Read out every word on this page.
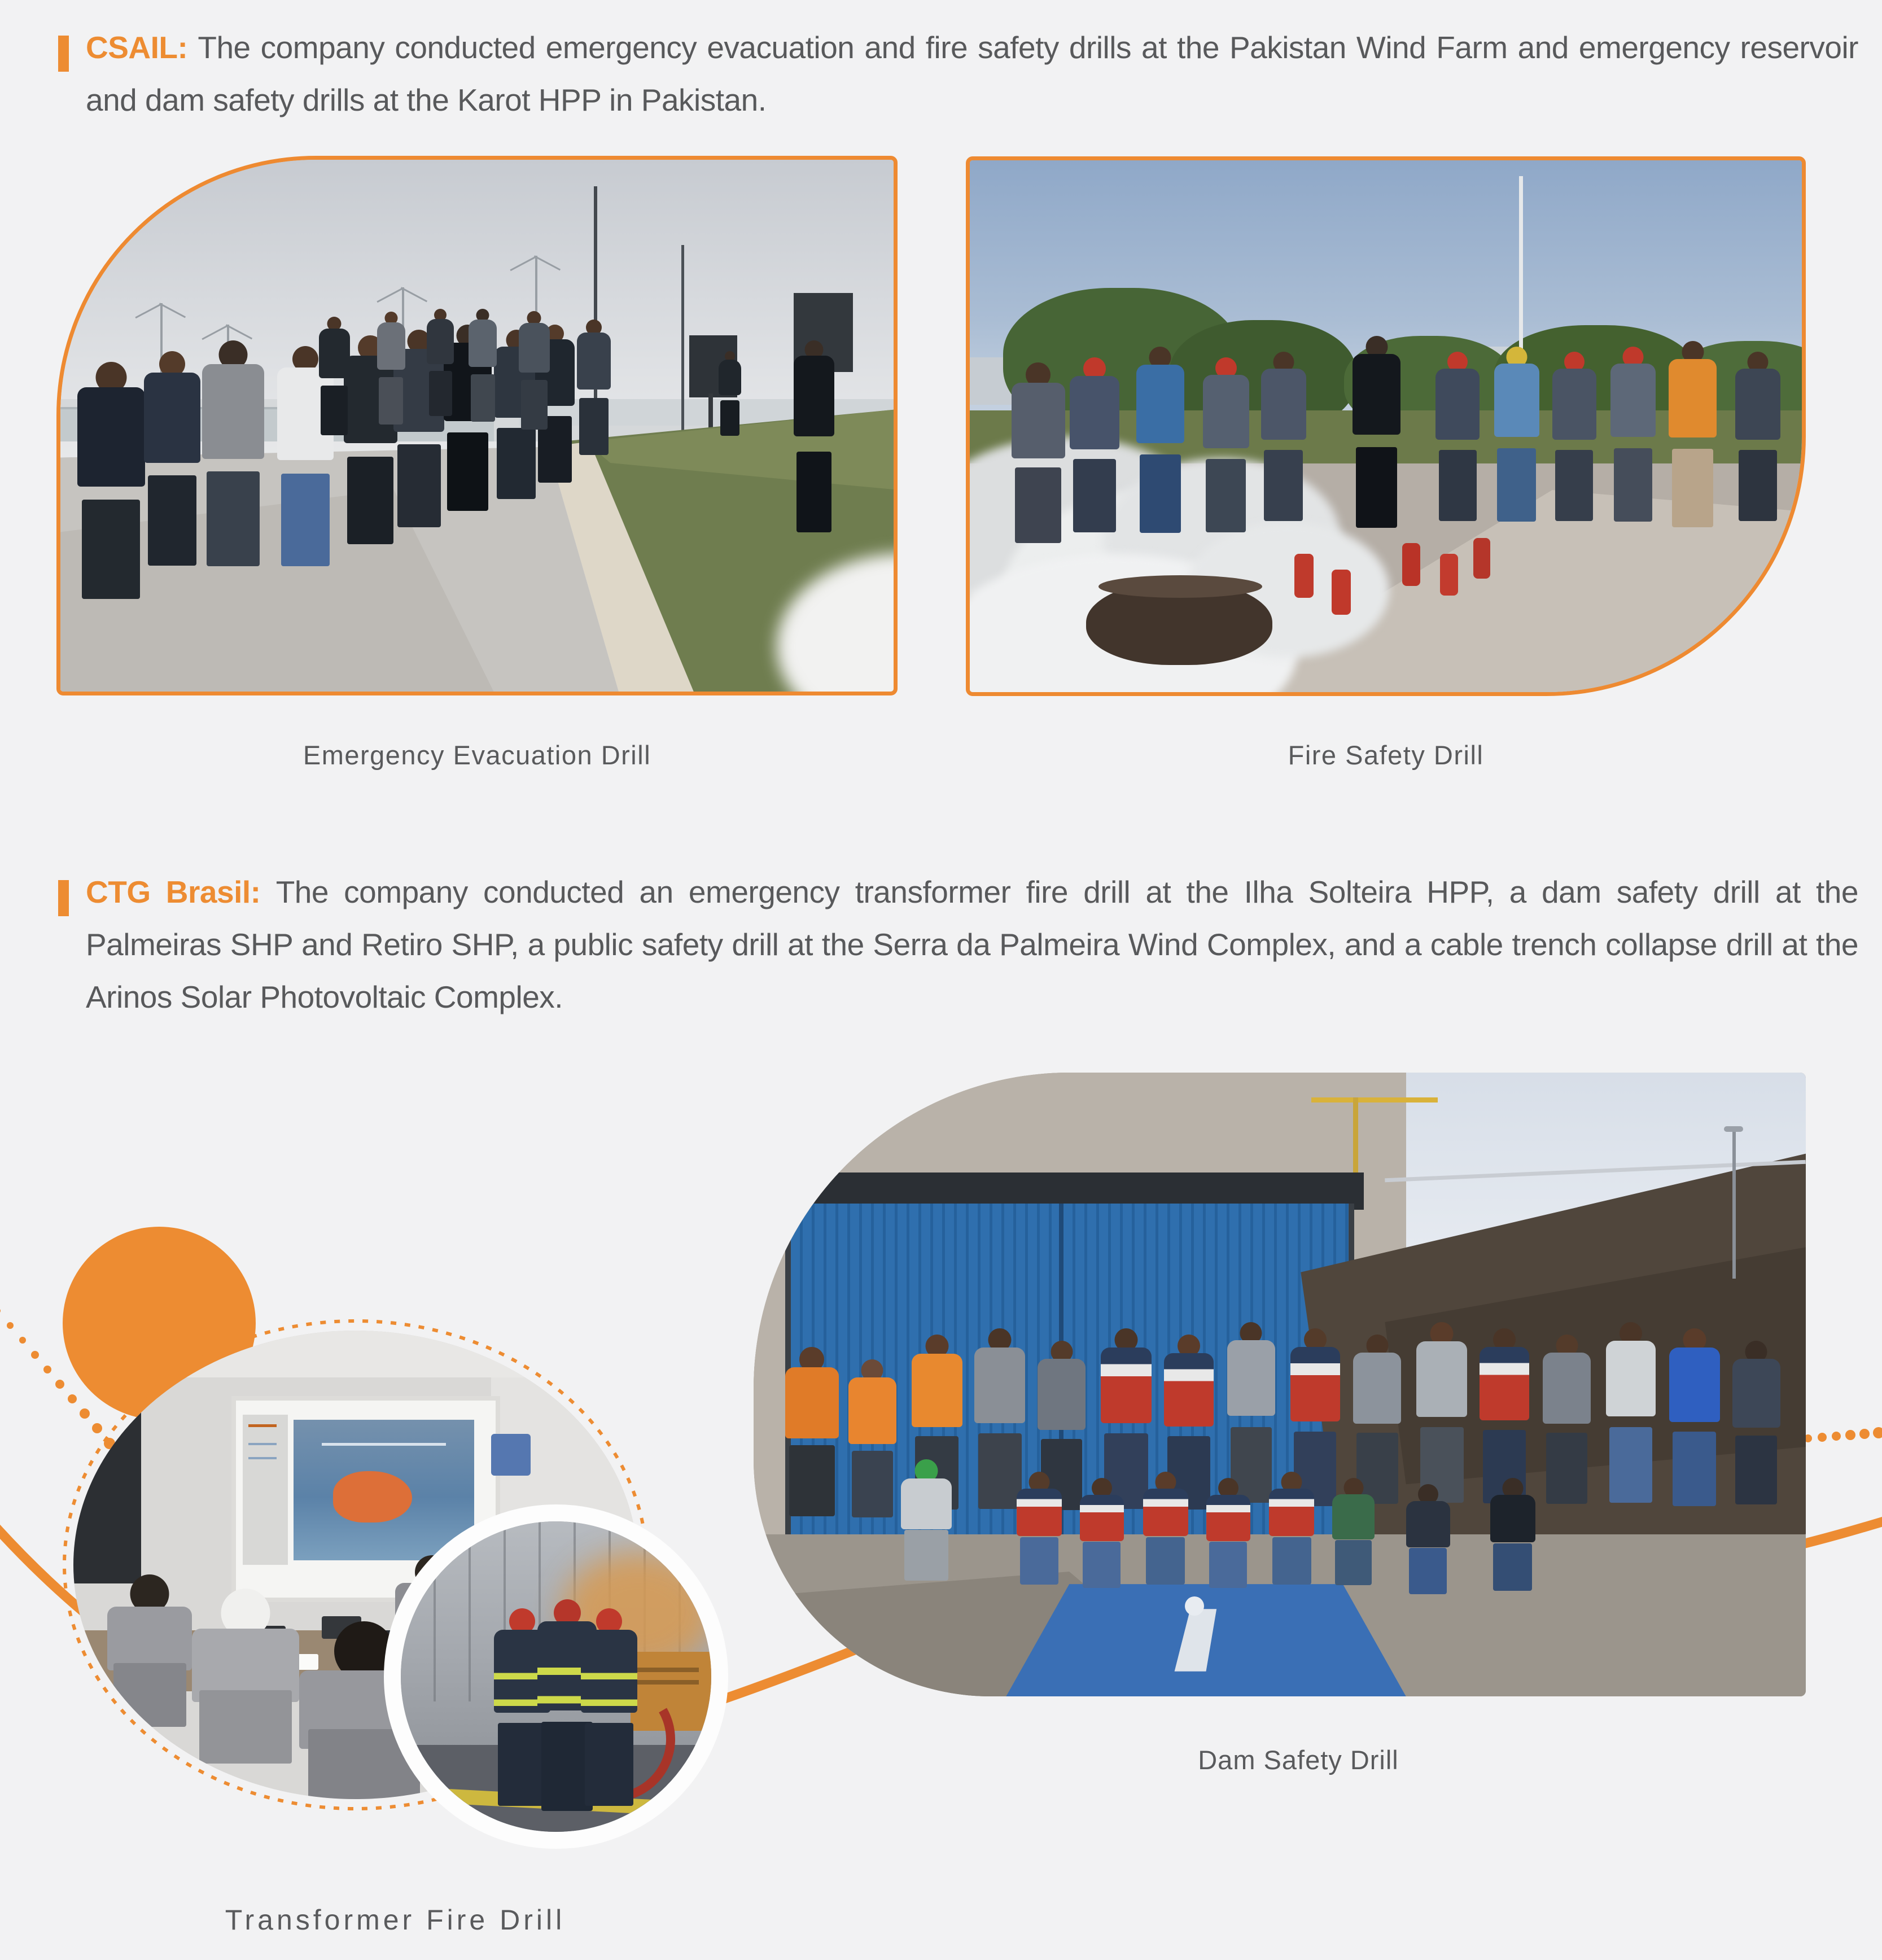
CSAIL: The company conducted emergency evacuation and fire safety drills at the Pakistan Wind Farm and emergency reservoir and dam safety drills at the Karot HPP in Pakistan.
Emergency Evacuation Drill	Fire Safety Drill
CTG Brasil: The company conducted an emergency transformer fire drill at the Ilha Solteira HPP, a dam safety drill at the Palmeiras SHP and Retiro SHP, a public safety drill at the Serra da Palmeira Wind Complex, and a cable trench collapse drill at the Arinos Solar Photovoltaic Complex.
Dam Safety Drill
Transformer Fire Drill
